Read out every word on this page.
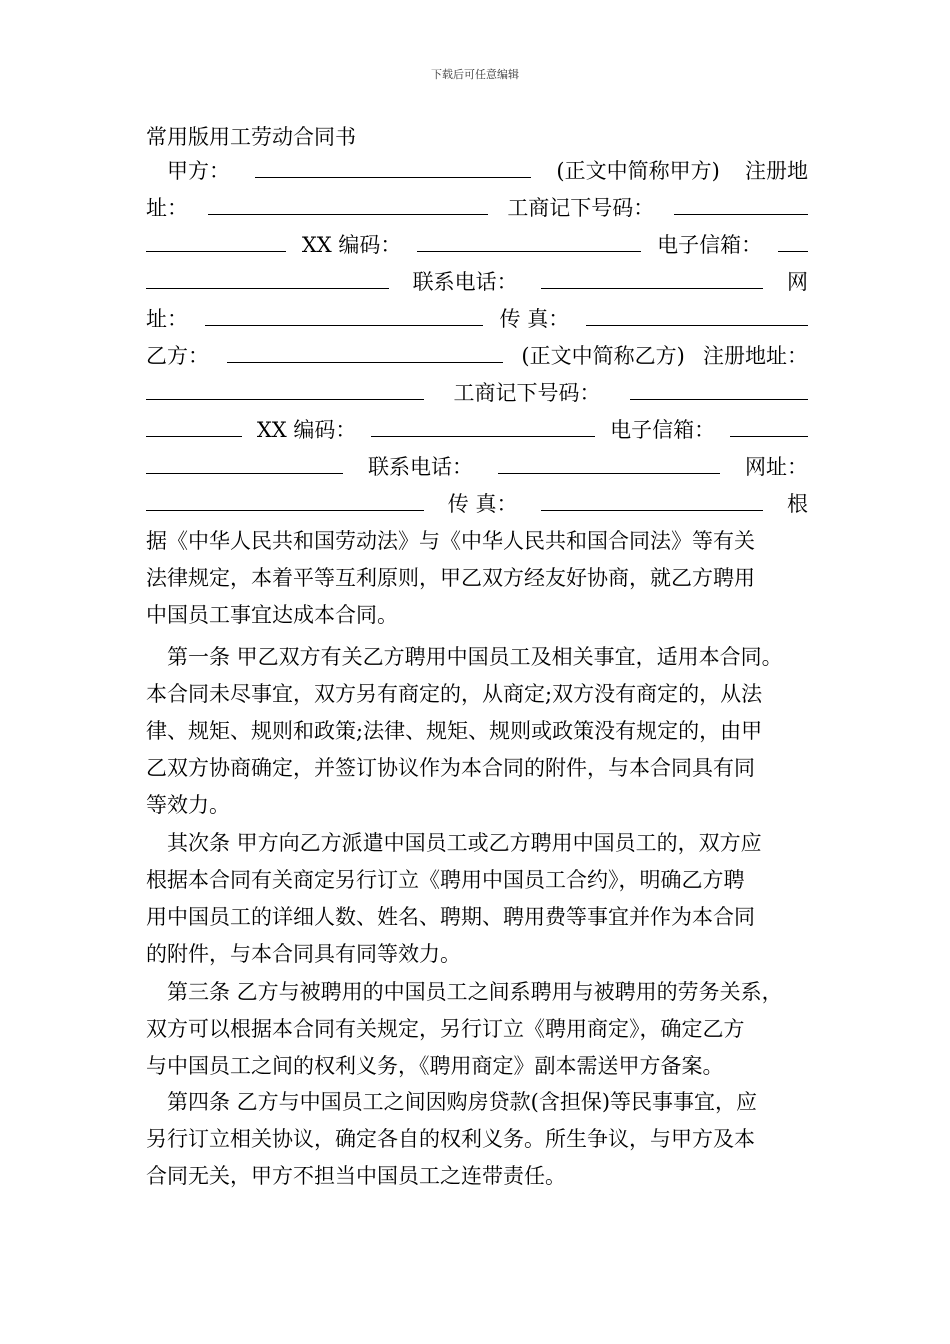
下载后可任意编辑
常用版用工劳动合同书
甲方：	(正文中简称甲方) 注册地
址：	工商记下号码：
XX 编码：	电子信箱：
联系电话：	网
址：	传 真：
乙方：	(正文中简称乙方) 注册地址：
工商记下号码：
XX 编码：	电子信箱：
联系电话：	网址：
传 真：	根
据《中华人民共和国劳动法》与《中华人民共和国合同法》等有关
法律规定，本着平等互利原则，甲乙双方经友好协商，就乙方聘用
中国员工事宜达成本合同。
第一条 甲乙双方有关乙方聘用中国员工及相关事宜，适用本合同。
本合同未尽事宜，双方另有商定的，从商定;双方没有商定的，从法
律、规矩、规则和政策;法律、规矩、规则或政策没有规定的，由甲
乙双方协商确定，并签订协议作为本合同的附件，与本合同具有同
等效力。
其次条 甲方向乙方派遣中国员工或乙方聘用中国员工的，双方应
根据本合同有关商定另行订立《聘用中国员工合约》，明确乙方聘
用中国员工的详细人数、姓名、聘期、聘用费等事宜并作为本合同
的附件，与本合同具有同等效力。
第三条 乙方与被聘用的中国员工之间系聘用与被聘用的劳务关系，
双方可以根据本合同有关规定，另行订立《聘用商定》，确定乙方
与中国员工之间的权利义务，《聘用商定》副本需送甲方备案。
第四条 乙方与中国员工之间因购房贷款(含担保)等民事事宜，应
另行订立相关协议，确定各自的权利义务。所生争议，与甲方及本
合同无关，甲方不担当中国员工之连带责任。
